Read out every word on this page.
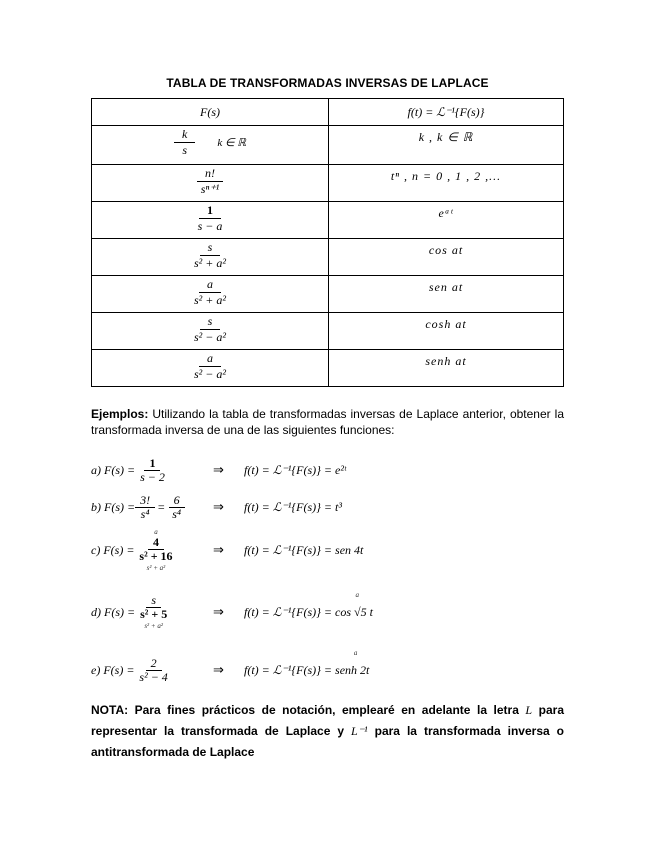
TABLA DE TRANSFORMADAS INVERSAS DE LAPLACE
F(s)	f(t) = ℒ⁻¹{F(s)}

$\frac{k}{s}$ k ∈ ℝ	k , k ∈ ℝ

$\frac{n!}{\text{sⁿ⁺¹}}$	tⁿ , n = 0 , 1 , 2 ,...

$\frac{1}{s - a}$	eᵃᵗ

$\frac{s}{\text{s² + a²}}$	cos at

$\frac{a}{\text{s² + a²}}$	sen at

$\frac{s}{\text{s² − a²}}$	cosh at

$\frac{a}{\text{s² − a²}}$	senh at
Ejemplos: Utilizando la tabla de transformadas inversas de Laplace anterior, obtener la transformada inversa de una de las siguientes funciones:
a) $F(s) = \frac{1}{s - 2}$	⇒ f(t) = ℒ⁻¹{F(s)} = e²ᵗ
b) $F(s) = \frac{3!}{\text{s⁴}} = \frac{6}{\text{s⁴}}$ ⇒ f(t) = ℒ⁻¹{F(s)} = t³
c) F(s) =
a
4
s² + 16
s² + a²
⇒ f(t) = ℒ⁻¹{F(s)} = sen 4t
d) F(s) =
s
s² + 5
s² + a²
⇒
a
f(t) = ℒ⁻¹{F(s)} = cos √5 t
e) $F(s) = \frac{2}{\text{s² − 4}}$	⇒
a
f(t) = ℒ⁻¹{F(s)} = senh 2t
NOTA: Para fines prácticos de notación, emplearé en adelante la letra L para representar la transformada de Laplace y L⁻¹ para la transformada inversa o antitransformada de Laplace
